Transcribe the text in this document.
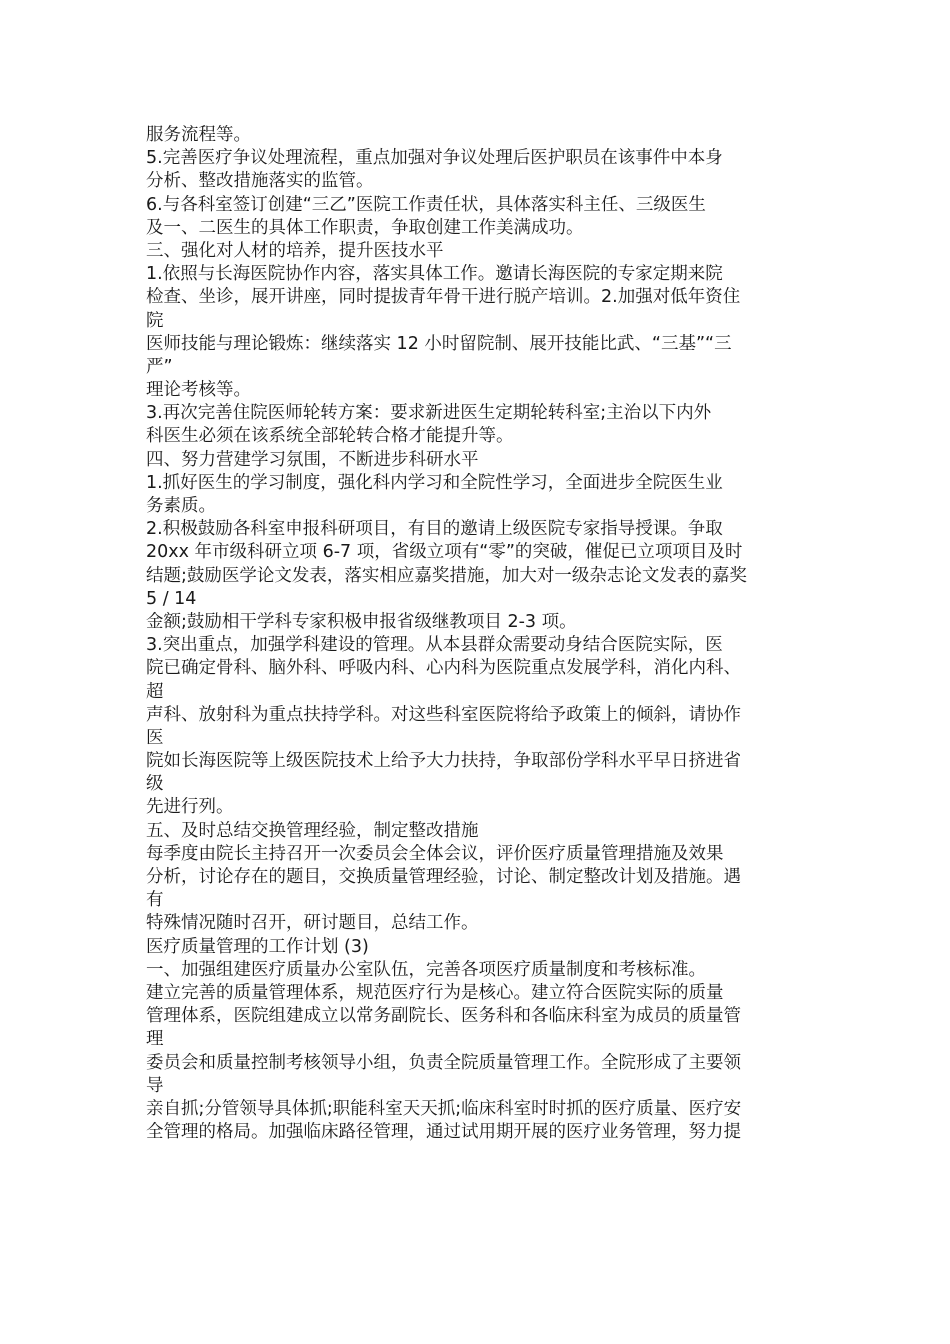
服务流程等。
5.完善医疗争议处理流程，重点加强对争议处理后医护职员在该事件中本身
分析、整改措施落实的监管。
6.与各科室签订创建“三乙”医院工作责任状，具体落实科主任、三级医生
及一、二医生的具体工作职责，争取创建工作美满成功。
三、强化对人材的培养，提升医技水平
1.依照与长海医院协作内容，落实具体工作。邀请长海医院的专家定期来院
检查、坐诊，展开讲座，同时提拔青年骨干进行脱产培训。2.加强对低年资住
院
医师技能与理论锻炼：继续落实 12 小时留院制、展开技能比武、“三基”“三
严”
理论考核等。
3.再次完善住院医师轮转方案：要求新进医生定期轮转科室;主治以下内外
科医生必须在该系统全部轮转合格才能提升等。
四、努力营建学习氛围，不断进步科研水平
1.抓好医生的学习制度，强化科内学习和全院性学习，全面进步全院医生业
务素质。
2.积极鼓励各科室申报科研项目，有目的邀请上级医院专家指导授课。争取
20xx 年市级科研立项 6-7 项，省级立项有“零”的突破，催促已立项项目及时
结题;鼓励医学论文发表，落实相应嘉奖措施，加大对一级杂志论文发表的嘉奖
5 / 14
金额;鼓励相干学科专家积极申报省级继教项目 2-3 项。
3.突出重点，加强学科建设的管理。从本县群众需要动身结合医院实际，医
院已确定骨科、脑外科、呼吸内科、心内科为医院重点发展学科，消化内科、
超
声科、放射科为重点扶持学科。对这些科室医院将给予政策上的倾斜，请协作
医
院如长海医院等上级医院技术上给予大力扶持，争取部份学科水平早日挤进省
级
先进行列。
五、及时总结交换管理经验，制定整改措施
每季度由院长主持召开一次委员会全体会议，评价医疗质量管理措施及效果
分析，讨论存在的题目，交换质量管理经验，讨论、制定整改计划及措施。遇
有
特殊情况随时召开，研讨题目，总结工作。
医疗质量管理的工作计划 (3)
一、加强组建医疗质量办公室队伍，完善各项医疗质量制度和考核标准。
建立完善的质量管理体系，规范医疗行为是核心。建立符合医院实际的质量
管理体系，医院组建成立以常务副院长、医务科和各临床科室为成员的质量管
理
委员会和质量控制考核领导小组，负责全院质量管理工作。全院形成了主要领
导
亲自抓;分管领导具体抓;职能科室天天抓;临床科室时时抓的医疗质量、医疗安
全管理的格局。加强临床路径管理，通过试用期开展的医疗业务管理，努力提
